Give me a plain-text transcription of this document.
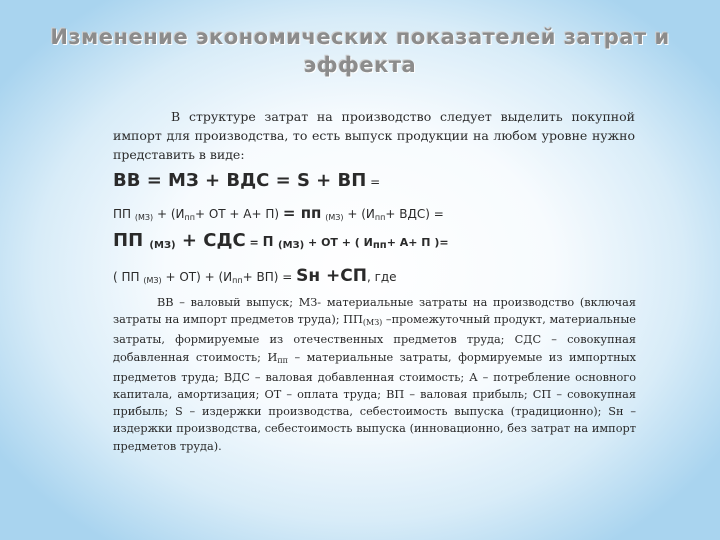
Изменение экономических показателей затрат и
эффекта
В структуре затрат на производство следует выделить покупной импорт для производства, то есть выпуск продукции на любом уровне нужно представить в виде:
ВВ = МЗ + ВДС = S + ВП =
ПП $_{(МЗ)} + (И_{пп}+$ ОТ + А+ П) = пп $_{(МЗ)} + (И_{пп}+ ВДС)$ =
ПП $_{(МЗ)}$ + СДС = П $_{(МЗ)}$ + ОТ + ( $И_{пп}+ А+ П$ )=
( ПП $_{(МЗ)} + ОТ) + (И_{пп}+ ВП)$ = Sн +СП, где
ВВ – валовый выпуск; МЗ- материальные затраты на производство (включая затраты на импорт предметов труда); $ПП_{(МЗ)}$ –промежуточный продукт, материальные затраты, формируемые из отечественных предметов труда; СДС – совокупная добавленная стоимость; $И_{пп}$ – материальные затраты, формируемые из импортных предметов труда; ВДС – валовая добавленная стоимость; А – потребление основного капитала, амортизация; ОТ – оплата труда; ВП – валовая прибыль; СП – совокупная прибыль; S – издержки производства, себестоимость выпуска (традиционно); Sн – издержки производства, себестоимость выпуска (инновационно, без затрат на импорт предметов труда).
